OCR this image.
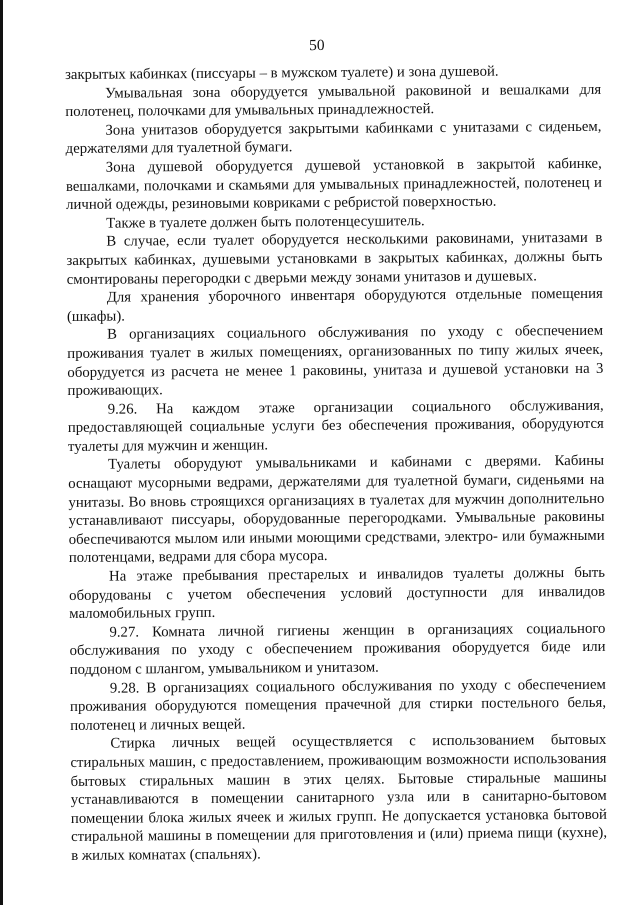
50

закрытых кабинках (писсуары – в мужском туалете) и зона душевой.

Умывальная зона оборудуется умывальной раковиной и вешалками для полотенец, полочками для умывальных принадлежностей.

Зона унитазов оборудуется закрытыми кабинками с унитазами с сиденьем, держателями для туалетной бумаги.

Зона душевой оборудуется душевой установкой в закрытой кабинке, вешалками, полочками и скамьями для умывальных принадлежностей, полотенец и личной одежды, резиновыми ковриками с ребристой поверхностью.

Также в туалете должен быть полотенцесушитель.

В случае, если туалет оборудуется несколькими раковинами, унитазами в закрытых кабинках, душевыми установками в закрытых кабинках, должны быть смонтированы перегородки с дверьми между зонами унитазов и душевых.

Для хранения уборочного инвентаря оборудуются отдельные помещения (шкафы).

В организациях социального обслуживания по уходу с обеспечением проживания туалет в жилых помещениях, организованных по типу жилых ячеек, оборудуется из расчета не менее 1 раковины, унитаза и душевой установки на 3 проживающих.

9.26. На каждом этаже организации социального обслуживания, предоставляющей социальные услуги без обеспечения проживания, оборудуются туалеты для мужчин и женщин.

Туалеты оборудуют умывальниками и кабинами с дверями. Кабины оснащают мусорными ведрами, держателями для туалетной бумаги, сиденьями на унитазы. Во вновь строящихся организациях в туалетах для мужчин дополнительно устанавливают писсуары, оборудованные перегородками. Умывальные раковины обеспечиваются мылом или иными моющими средствами, электро- или бумажными полотенцами, ведрами для сбора мусора.

На этаже пребывания престарелых и инвалидов туалеты должны быть оборудованы с учетом обеспечения условий доступности для инвалидов маломобильных групп.

9.27. Комната личной гигиены женщин в организациях социального обслуживания по уходу с обеспечением проживания оборудуется биде или поддоном с шлангом, умывальником и унитазом.

9.28. В организациях социального обслуживания по уходу с обеспечением проживания оборудуются помещения прачечной для стирки постельного белья, полотенец и личных вещей.

Стирка личных вещей осуществляется с использованием бытовых стиральных машин, с предоставлением, проживающим возможности использования бытовых стиральных машин в этих целях. Бытовые стиральные машины устанавливаются в помещении санитарного узла или в санитарно-бытовом помещении блока жилых ячеек и жилых групп. Не допускается установка бытовой стиральной машины в помещении для приготовления и (или) приема пищи (кухне), в жилых комнатах (спальнях).
